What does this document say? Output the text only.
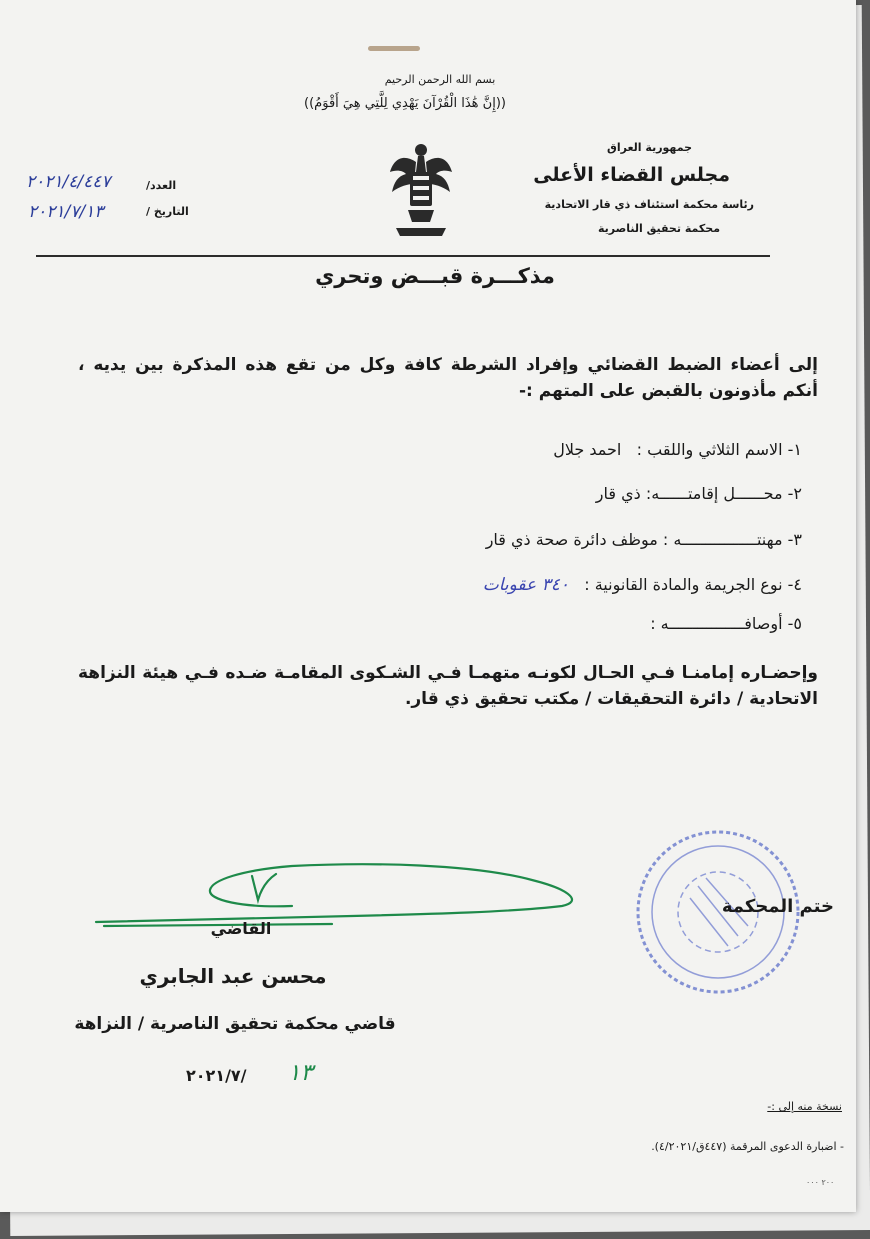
بسم الله الرحمن الرحيم
((إِنَّ هَٰذَا الْقُرْآنَ يَهْدِي لِلَّتِي هِيَ أَقْوَمُ))
جمهورية العراق
مجلس القضاء الأعلى
رئاسة محكمة استئناف ذي قار الاتحادية
محكمة تحقيق الناصرية
العدد/
٢٠٢١/٤/٤٤٧
التاريخ /
٢٠٢١/٧/١٣
مذكـــرة قبـــض وتحري
إلى أعضاء الضبط القضائي وإفراد الشرطة كافة وكل من تقع هذه المذكرة بين يديه ، أنكم مأذونون بالقبض على المتهم :-
١- الاسم الثلاثي واللقب :   احمد جلال
٢- محــــــل إقامتــــــه: ذي قار
٣- مهنتــــــــــــــــه : موظف دائرة صحة ذي قار
٤- نوع الجريمة والمادة القانونية :   ٣٤٠ عقوبات
٥- أوصافــــــــــــــــه :
وإحضـاره إمامنـا فـي الحـال لكونـه متهمـا فـي الشـكوى المقامـة ضـده فـي هيئة النزاهة الاتحادية / دائرة التحقيقات / مكتب تحقيق ذي قار.
ختم المحكمة
القاضي
محسن عبد الجابري
قاضي محكمة تحقيق الناصرية / النزاهة
٢٠٢١/٧/ ١٣
نسخة منه إلى :-
- اضبارة الدعوى المرقمة (٤٤٧ق/٤/٢٠٢١).
٢٠٠ ٠٠٠
